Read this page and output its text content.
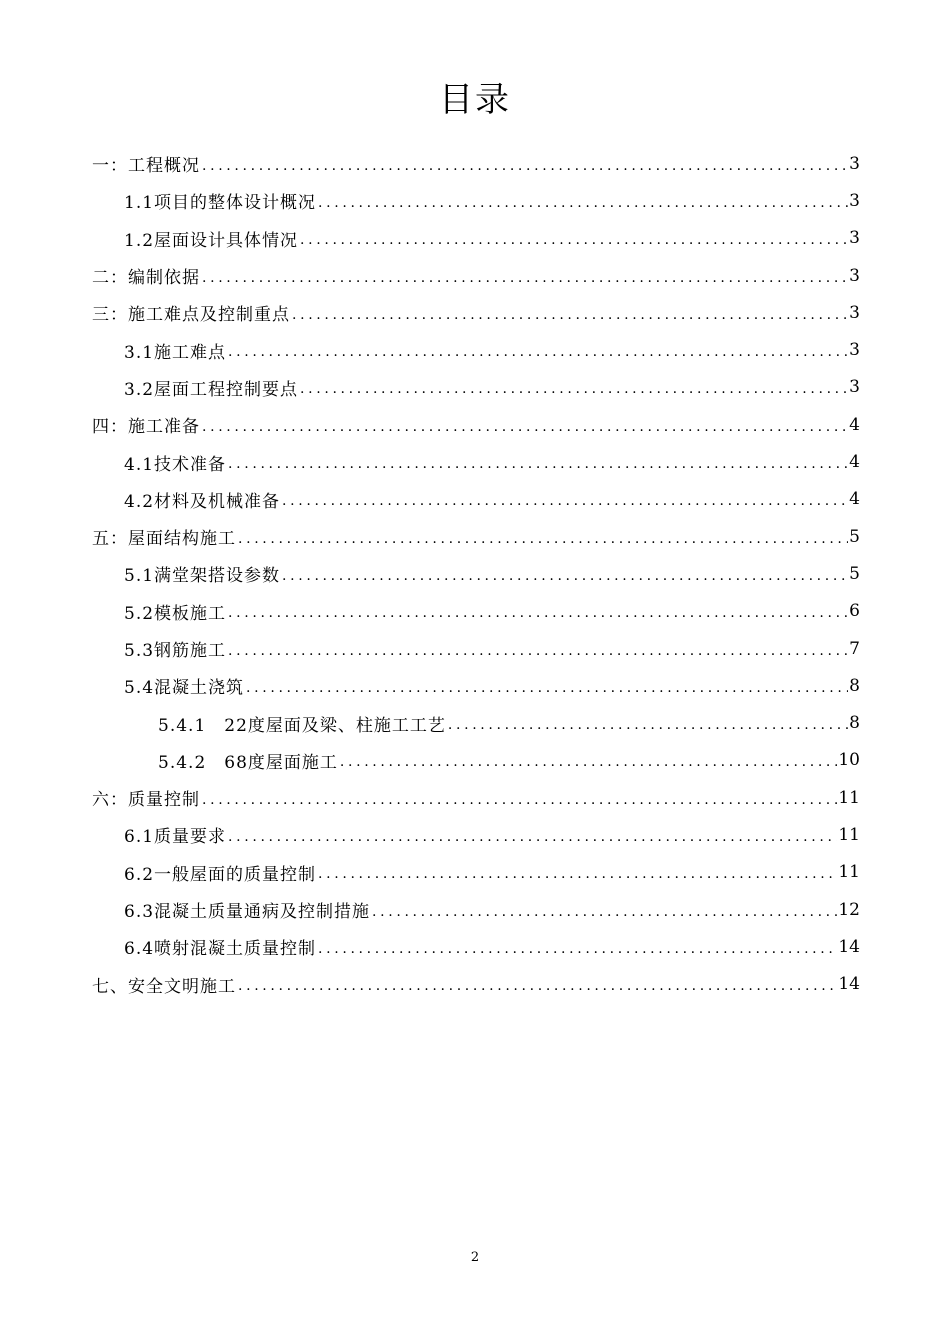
目录
一：工程概况 . . .	3
1.1项目的整体设计概况 . . .	3
1.2屋面设计具体情况 . . .	3
二：编制依据 . . .	3
三：施工难点及控制重点 . . .	3
3.1施工难点 . . .	3
3.2屋面工程控制要点 . . .	3
四：施工准备 . . .	4
4.1技术准备 . . .	4
4.2材料及机械准备 . . .	4
五：屋面结构施工 . . .	5
5.1满堂架搭设参数 . . .	5
5.2模板施工 . . .	6
5.3钢筋施工 . . .	7
5.4混凝土浇筑 . . .	8
5.4.1　22度屋面及梁、柱施工工艺 . . .	8
5.4.2　68度屋面施工 . . .	10
六：质量控制 . . .	11
6.1质量要求 . . .	11
6.2一般屋面的质量控制 . . .	11
6.3混凝土质量通病及控制措施 . . .	12
6.4喷射混凝土质量控制 . . .	14
七、安全文明施工 . . .	14
2
